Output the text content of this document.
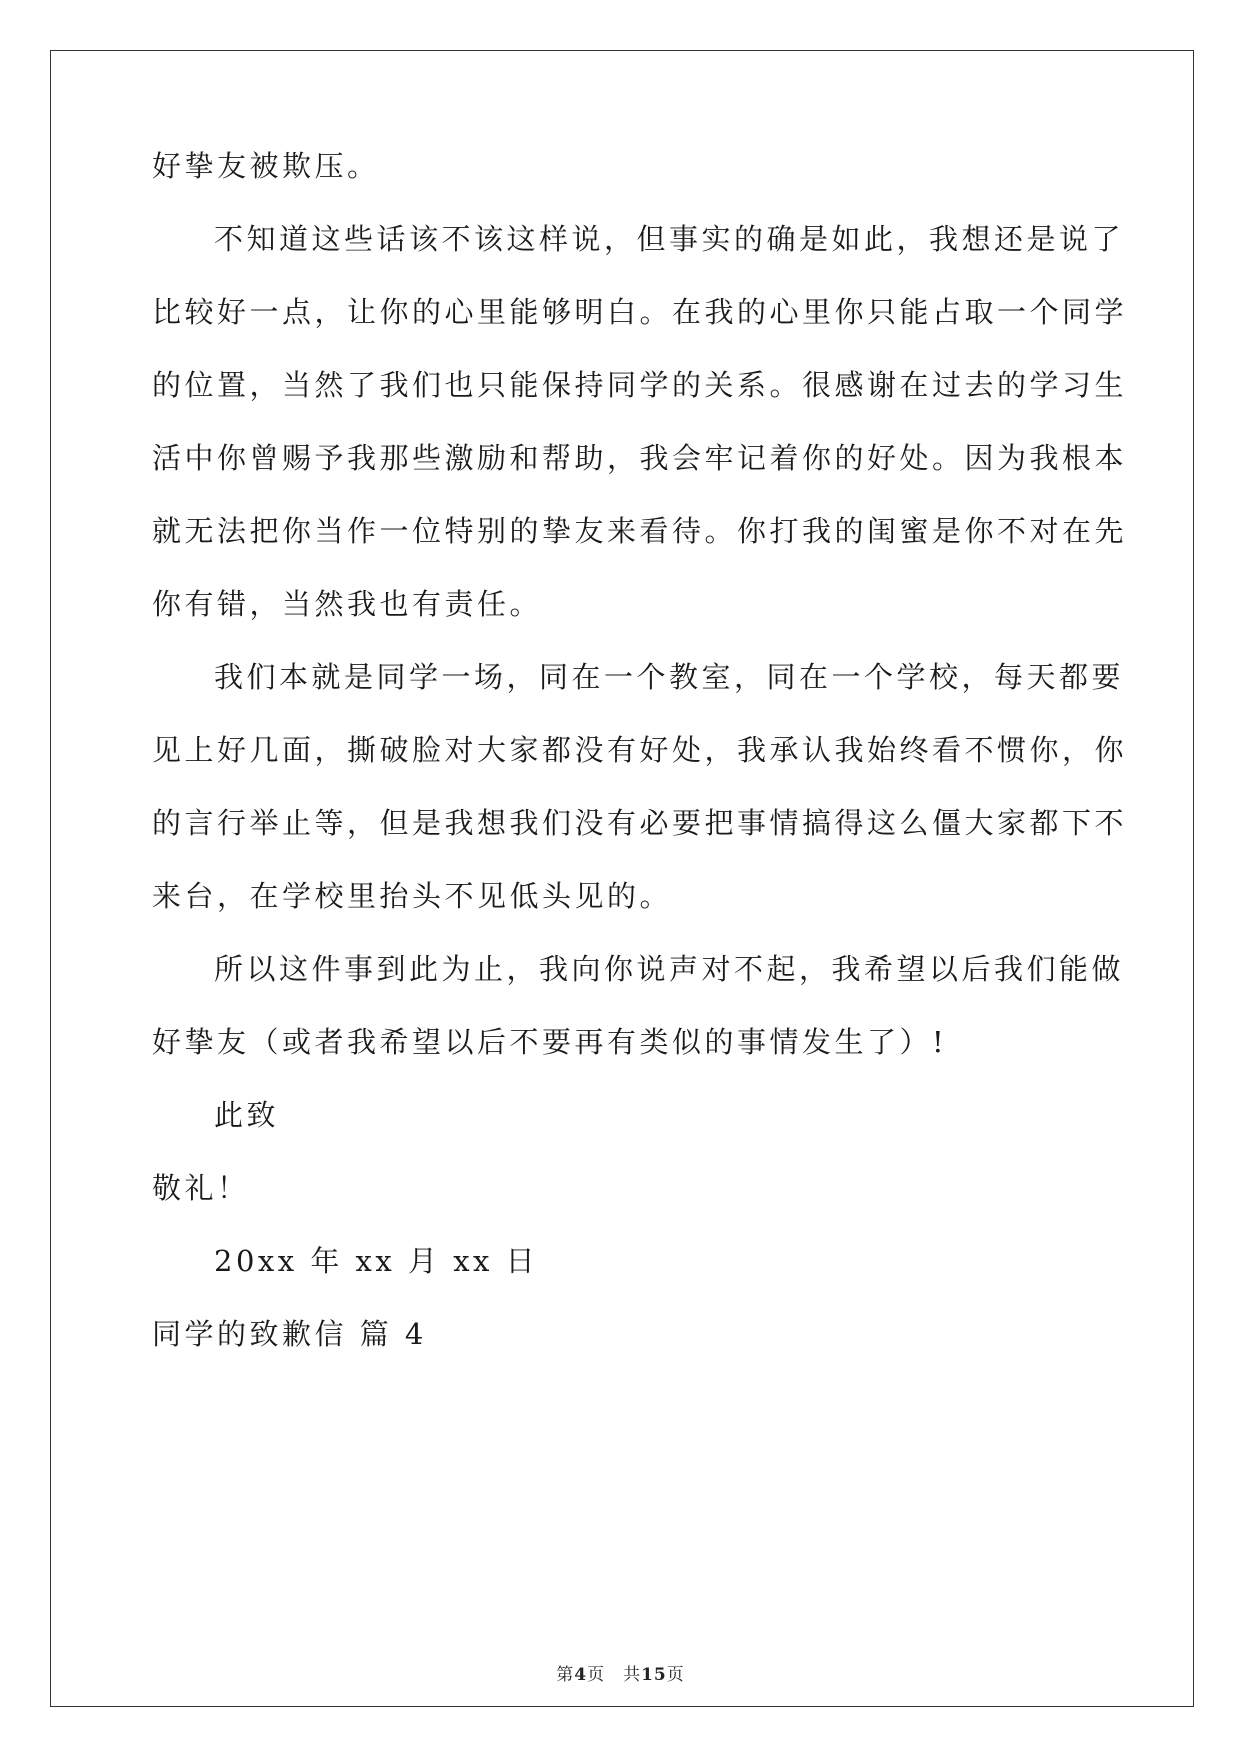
好挚友被欺压。
不知道这些话该不该这样说，但事实的确是如此，我想还是说了
比较好一点，让你的心里能够明白。在我的心里你只能占取一个同学
的位置，当然了我们也只能保持同学的关系。很感谢在过去的学习生
活中你曾赐予我那些激励和帮助，我会牢记着你的好处。因为我根本
就无法把你当作一位特别的挚友来看待。你打我的闺蜜是你不对在先
你有错，当然我也有责任。
我们本就是同学一场，同在一个教室，同在一个学校，每天都要
见上好几面，撕破脸对大家都没有好处，我承认我始终看不惯你，你
的言行举止等，但是我想我们没有必要把事情搞得这么僵大家都下不
来台，在学校里抬头不见低头见的。
所以这件事到此为止，我向你说声对不起，我希望以后我们能做
好挚友（或者我希望以后不要再有类似的事情发生了）!
此致
敬礼！
20xx 年 xx 月 xx 日
同学的致歉信 篇 4
第4页 共15页
